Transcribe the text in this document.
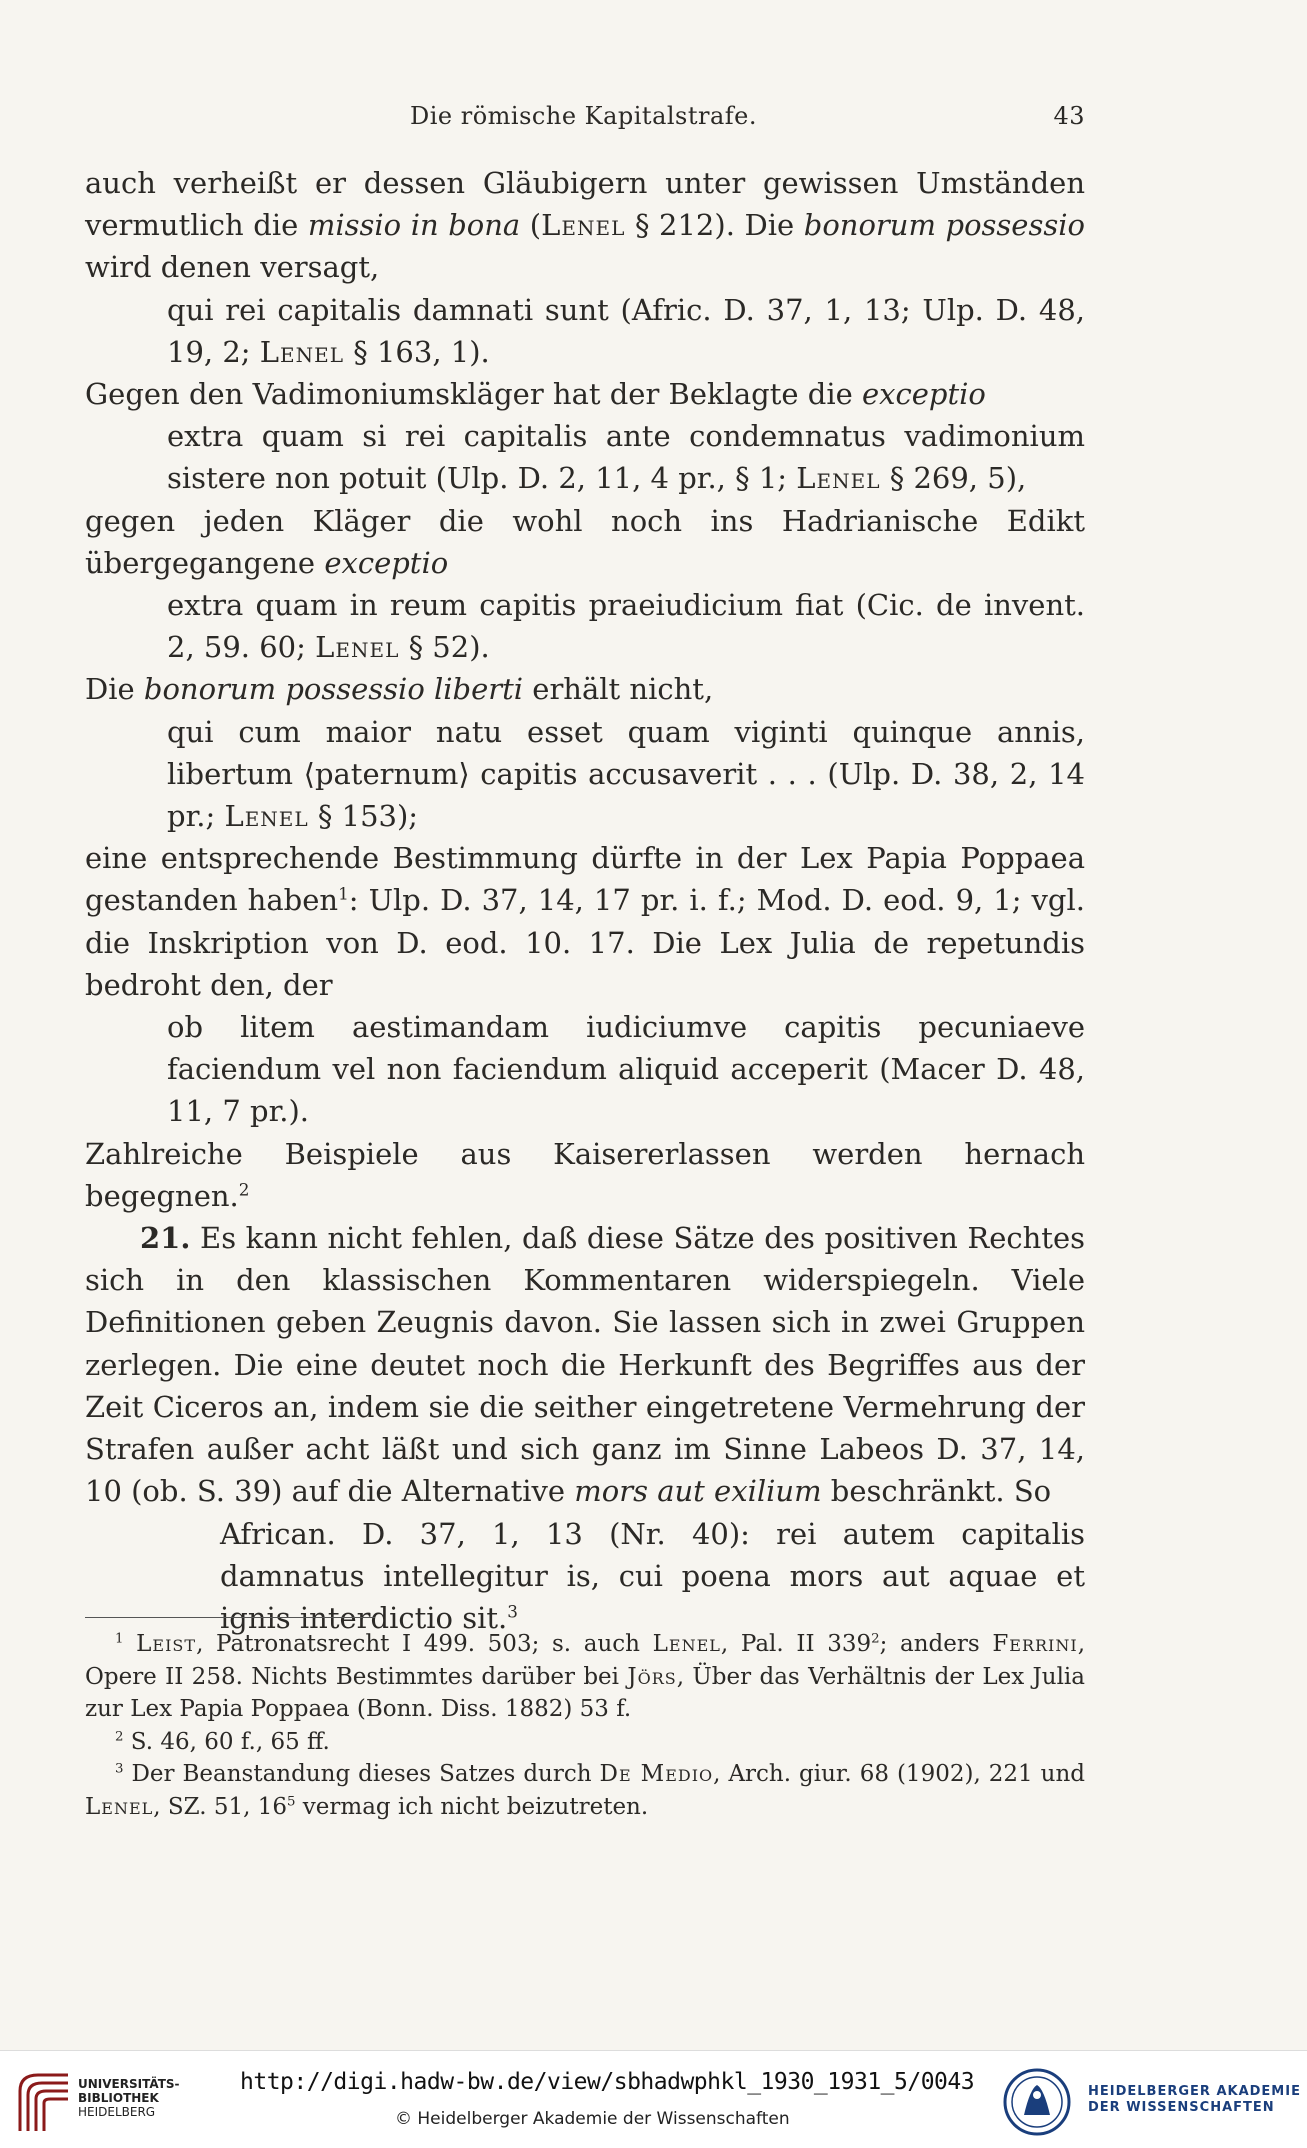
Die römische Kapitalstrafe.	43

auch verheißt er dessen Gläubigern unter gewissen Umständen vermutlich die missio in bona (Lenel § 212). Die bonorum possessio wird denen versagt,

qui rei capitalis damnati sunt (Afric. D. 37, 1, 13; Ulp. D. 48, 19, 2; Lenel § 163, 1).

Gegen den Vadimoniumskläger hat der Beklagte die exceptio

extra quam si rei capitalis ante condemnatus vadimonium sistere non potuit (Ulp. D. 2, 11, 4 pr., § 1; Lenel § 269, 5),

gegen jeden Kläger die wohl noch ins Hadrianische Edikt übergegangene exceptio

extra quam in reum capitis praeiudicium fiat (Cic. de invent. 2, 59. 60; Lenel § 52).

Die bonorum possessio liberti erhält nicht,

qui cum maior natu esset quam viginti quinque annis, libertum ⟨paternum⟩ capitis accusaverit . . . (Ulp. D. 38, 2, 14 pr.; Lenel § 153);

eine entsprechende Bestimmung dürfte in der Lex Papia Poppaea gestanden haben$^1$: Ulp. D. 37, 14, 17 pr. i. f.; Mod. D. eod. 9, 1; vgl. die Inskription von D. eod. 10. 17. Die Lex Julia de repetundis bedroht den, der

ob litem aestimandam iudiciumve capitis pecuniaeve faciendum vel non faciendum aliquid acceperit (Macer D. 48, 11, 7 pr.).

Zahlreiche Beispiele aus Kaisererlassen werden hernach begegnen.$^2$

21. Es kann nicht fehlen, daß diese Sätze des positiven Rechtes sich in den klassischen Kommentaren widerspiegeln. Viele Definitionen geben Zeugnis davon. Sie lassen sich in zwei Gruppen zerlegen. Die eine deutet noch die Herkunft des Begriffes aus der Zeit Ciceros an, indem sie die seither eingetretene Vermehrung der Strafen außer acht läßt und sich ganz im Sinne Labeos D. 37, 14, 10 (ob. S. 39) auf die Alternative mors aut exilium beschränkt. So

African. D. 37, 1, 13 (Nr. 40): rei autem capitalis damnatus intellegitur is, cui poena mors aut aquae et ignis interdictio sit.$^3$

$^1$ Leist, Patronatsrecht I 499. 503; s. auch Lenel, Pal. II $339^2$; anders Ferrini, Opere II 258. Nichts Bestimmtes darüber bei Jörs, Über das Verhältnis der Lex Julia zur Lex Papia Poppaea (Bonn. Diss. 1882) 53 f.

$^2$ S. 46, 60 f., 65 ff.

$^3$ Der Beanstandung dieses Satzes durch De Medio, Arch. giur. 68 (1902), 221 und Lenel, SZ. 51, $16^5$ vermag ich nicht beizutreten.

UNIVERSITÄTS-
BIBLIOTHEK
HEIDELBERG
http://digi.hadw-bw.de/view/sbhadwphkl_1930_1931_5/0043
© Heidelberger Akademie der Wissenschaften
HEIDELBERGER AKADEMIE
DER WISSENSCHAFTEN
